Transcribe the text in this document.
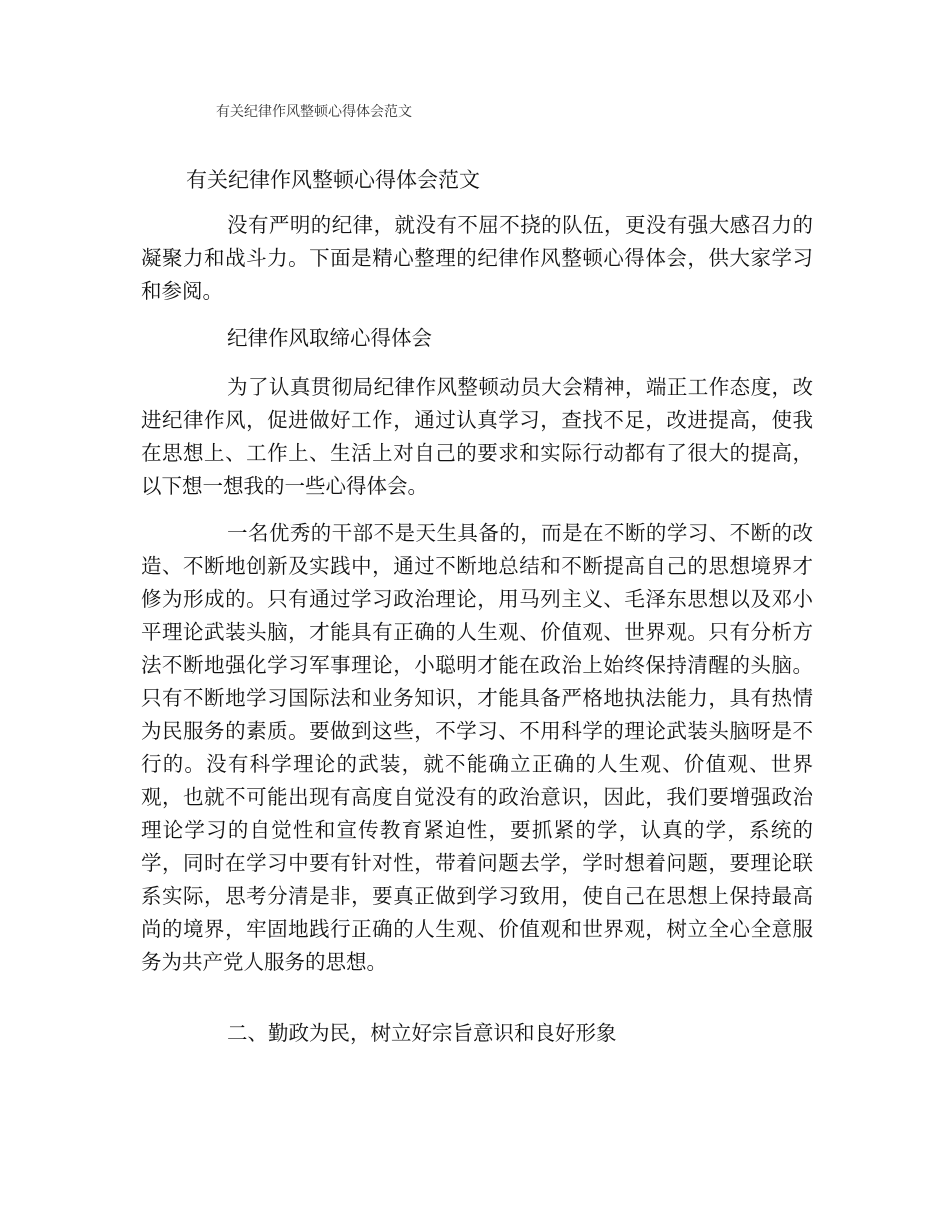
有关纪律作风整顿心得体会范文
有关纪律作风整顿心得体会范文

没有严明的纪律，就没有不屈不挠的队伍，更没有强大感召力的凝聚力和战斗力。下面是精心整理的纪律作风整顿心得体会，供大家学习和参阅。

纪律作风取缔心得体会

为了认真贯彻局纪律作风整顿动员大会精神，端正工作态度，改进纪律作风，促进做好工作，通过认真学习，查找不足，改进提高，使我在思想上、工作上、生活上对自己的要求和实际行动都有了很大的提高，以下想一想我的一些心得体会。

一名优秀的干部不是天生具备的，而是在不断的学习、不断的改造、不断地创新及实践中，通过不断地总结和不断提高自己的思想境界才修为形成的。只有通过学习政治理论，用马列主义、毛泽东思想以及邓小平理论武装头脑，才能具有正确的人生观、价值观、世界观。只有分析方法不断地强化学习军事理论，小聪明才能在政治上始终保持清醒的头脑。只有不断地学习国际法和业务知识，才能具备严格地执法能力，具有热情为民服务的素质。要做到这些，不学习、不用科学的理论武装头脑呀是不行的。没有科学理论的武装，就不能确立正确的人生观、价值观、世界观，也就不可能出现有高度自觉没有的政治意识，因此，我们要增强政治理论学习的自觉性和宣传教育紧迫性，要抓紧的学，认真的学，系统的学，同时在学习中要有针对性，带着问题去学，学时想着问题，要理论联系实际，思考分清是非，要真正做到学习致用，使自己在思想上保持最高尚的境界，牢固地践行正确的人生观、价值观和世界观，树立全心全意服务为共产党人服务的思想。

二、勤政为民，树立好宗旨意识和良好形象
